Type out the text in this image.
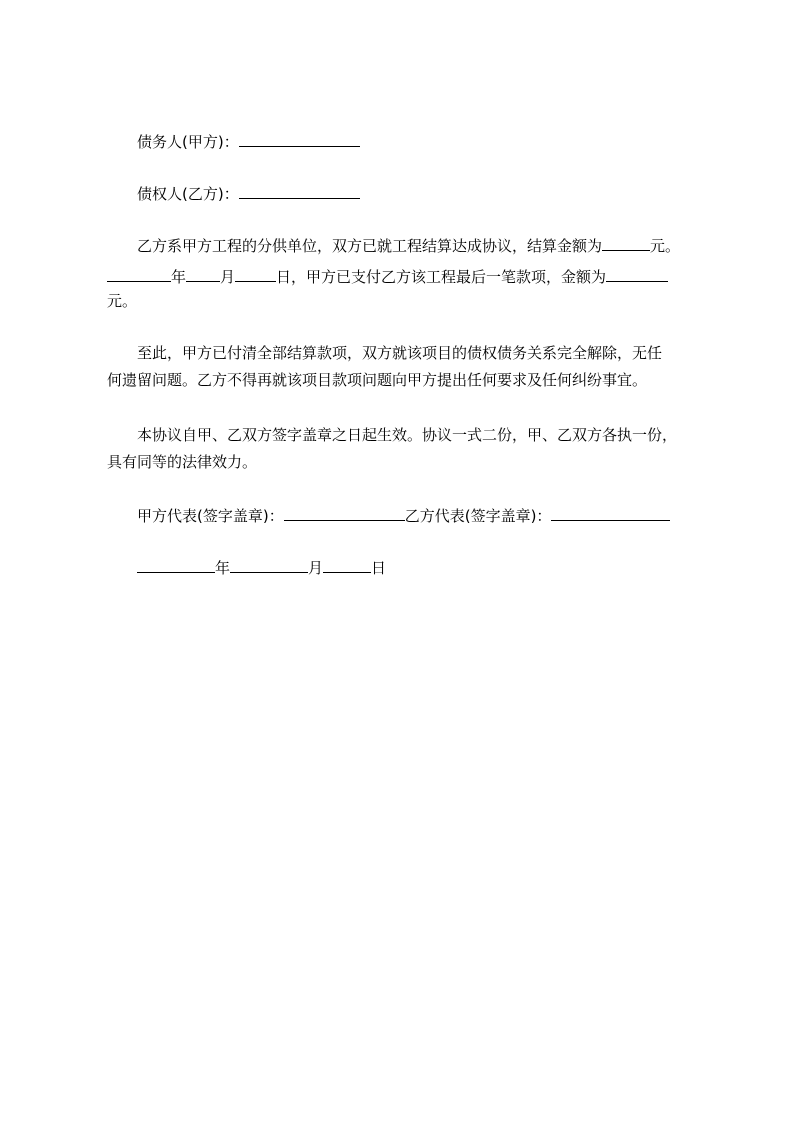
债务人(甲方)：
债权人(乙方)：
乙方系甲方工程的分供单位，双方已就工程结算达成协议，结算金额为	元。
年 月	日，甲方已支付乙方该工程最后一笔款项，金额为
元。
至此，甲方已付清全部结算款项，双方就该项目的债权债务关系完全解除，无任
何遗留问题。乙方不得再就该项目款项问题向甲方提出任何要求及任何纠纷事宜。
本协议自甲、乙双方签字盖章之日起生效。协议一式二份，甲、乙双方各执一份，
具有同等的法律效力。
甲方代表(签字盖章)：	乙方代表(签字盖章)：
年	月	日
